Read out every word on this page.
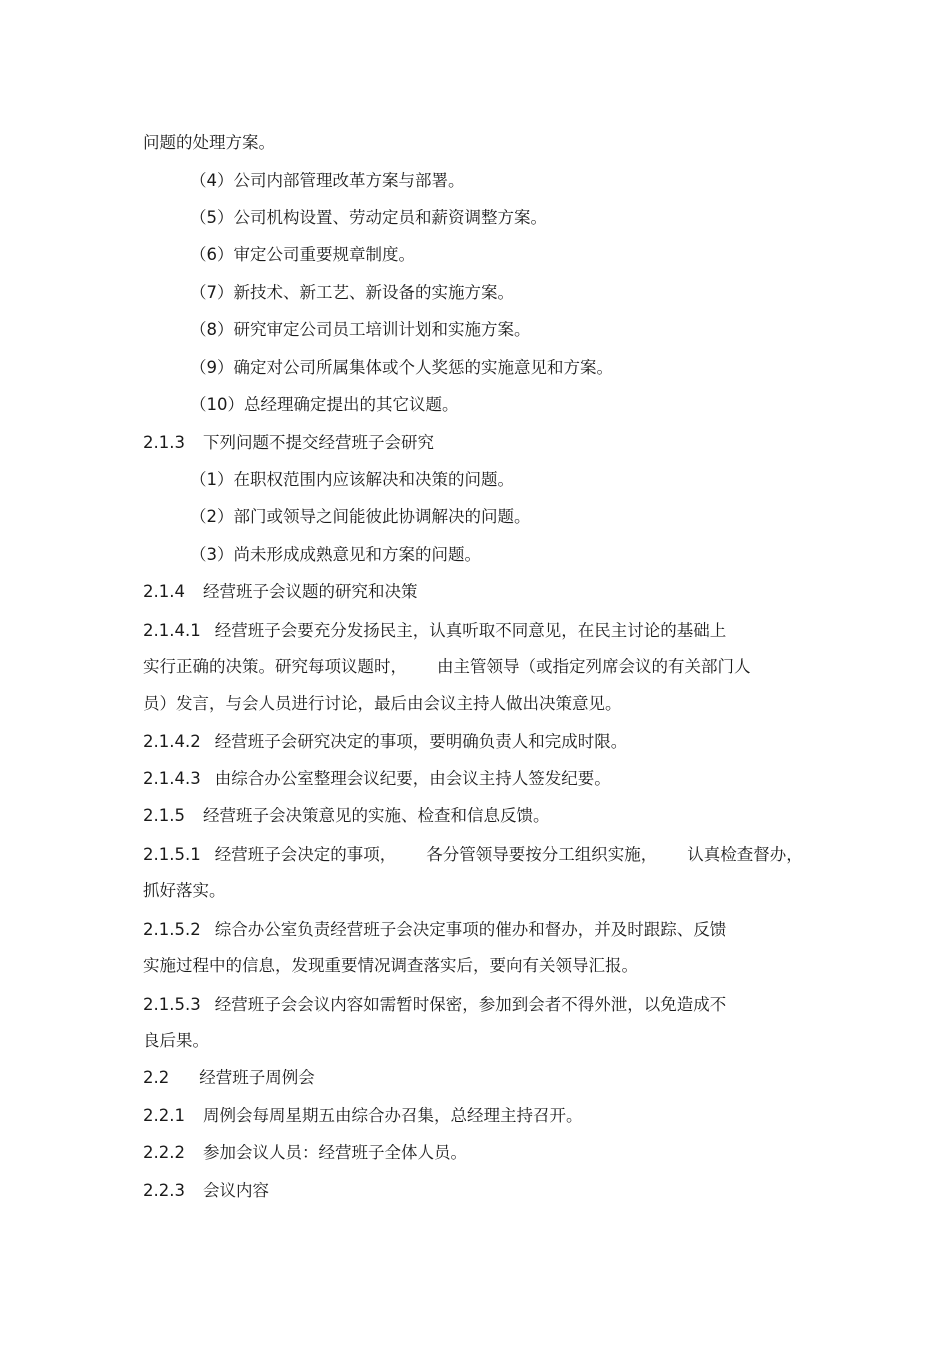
问题的处理方案。
（4）公司内部管理改革方案与部署。
（5）公司机构设置、劳动定员和薪资调整方案。
（6）审定公司重要规章制度。
（7）新技术、新工艺、新设备的实施方案。
（8）研究审定公司员工培训计划和实施方案。
（9）确定对公司所属集体或个人奖惩的实施意见和方案。
（10）总经理确定提出的其它议题。
2.1.3 下列问题不提交经营班子会研究
（1）在职权范围内应该解决和决策的问题。
（2）部门或领导之间能彼此协调解决的问题。
（3）尚未形成成熟意见和方案的问题。
2.1.4 经营班子会议题的研究和决策
2.1.4.1 经营班子会要充分发扬民主，认真听取不同意见，在民主讨论的基础上
实行正确的决策。研究每项议题时， 由主管领导（或指定列席会议的有关部门人
员）发言，与会人员进行讨论，最后由会议主持人做出决策意见。
2.1.4.2 经营班子会研究决定的事项，要明确负责人和完成时限。
2.1.4.3 由综合办公室整理会议纪要，由会议主持人签发纪要。
2.1.5 经营班子会决策意见的实施、检查和信息反馈。
2.1.5.1 经营班子会决定的事项， 各分管领导要按分工组织实施， 认真检查督办，
抓好落实。
2.1.5.2 综合办公室负责经营班子会决定事项的催办和督办，并及时跟踪、反馈
实施过程中的信息，发现重要情况调查落实后，要向有关领导汇报。
2.1.5.3 经营班子会会议内容如需暂时保密，参加到会者不得外泄，以免造成不
良后果。
2.2 经营班子周例会
2.2.1 周例会每周星期五由综合办召集，总经理主持召开。
2.2.2 参加会议人员：经营班子全体人员。
2.2.3 会议内容
